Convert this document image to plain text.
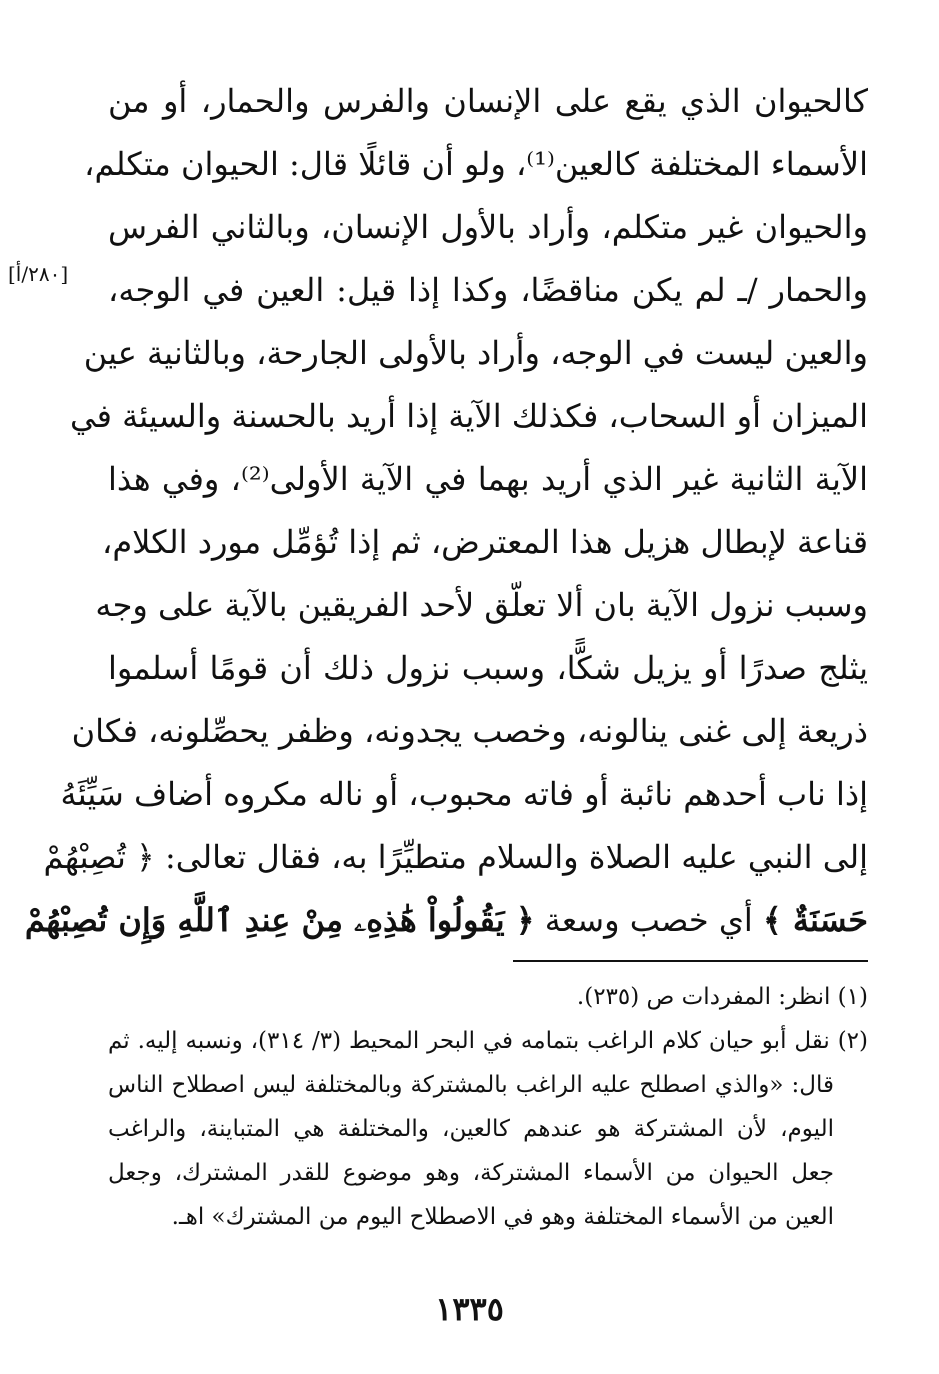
كالحيوان الذي يقع على الإنسان والفرس والحمار، أو من
الأسماء المختلفة كالعين⁽¹⁾، ولو أن قائلًا قال: الحيوان متكلم،
والحيوان غير متكلم، وأراد بالأول الإنسان، وبالثاني الفرس
والحمار /ـ لم يكن مناقضًا، وكذا إذا قيل: العين في الوجه،
والعين ليست في الوجه، وأراد بالأولى الجارحة، وبالثانية عين
الميزان أو السحاب، فكذلك الآية إذا أريد بالحسنة والسيئة في
الآية الثانية غير الذي أريد بهما في الآية الأولى⁽²⁾، وفي هذا
قناعة لإبطال هزيل هذا المعترض، ثم إذا تُؤمِّل مورد الكلام،
وسبب نزول الآية بان ألا تعلّق لأحد الفريقين بالآية على وجه
يثلج صدرًا أو يزيل شكًّا، وسبب نزول ذلك أن قومًا أسلموا
ذريعة إلى غنى ينالونه، وخصب يجدونه، وظفر يحصِّلونه، فكان
إذا ناب أحدهم نائبة أو فاته محبوب، أو ناله مكروه أضاف سَيِّئَهُ
إلى النبي عليه الصلاة والسلام متطيِّرًا به، فقال تعالى: ﴿ تُصِبْهُمْ
حَسَنَةٌ ﴾ أي خصب وسعة ﴿ يَقُولُواْ هَٰذِهِۦ مِنْ عِندِ ٱللَّهِ وَإِن تُصِبْهُمْ
[٢٨٠/أ]
(١) انظر: المفردات ص (٢٣٥).
(٢) نقل أبو حيان كلام الراغب بتمامه في البحر المحيط (٣/ ٣١٤)، ونسبه إليه. ثم
قال: «والذي اصطلح عليه الراغب بالمشتركة وبالمختلفة ليس اصطلاح الناس
اليوم، لأن المشتركة هو عندهم كالعين، والمختلفة هي المتباينة، والراغب
جعل الحيوان من الأسماء المشتركة، وهو موضوع للقدر المشترك، وجعل
العين من الأسماء المختلفة وهو في الاصطلاح اليوم من المشترك» اهـ.
١٣٣٥
